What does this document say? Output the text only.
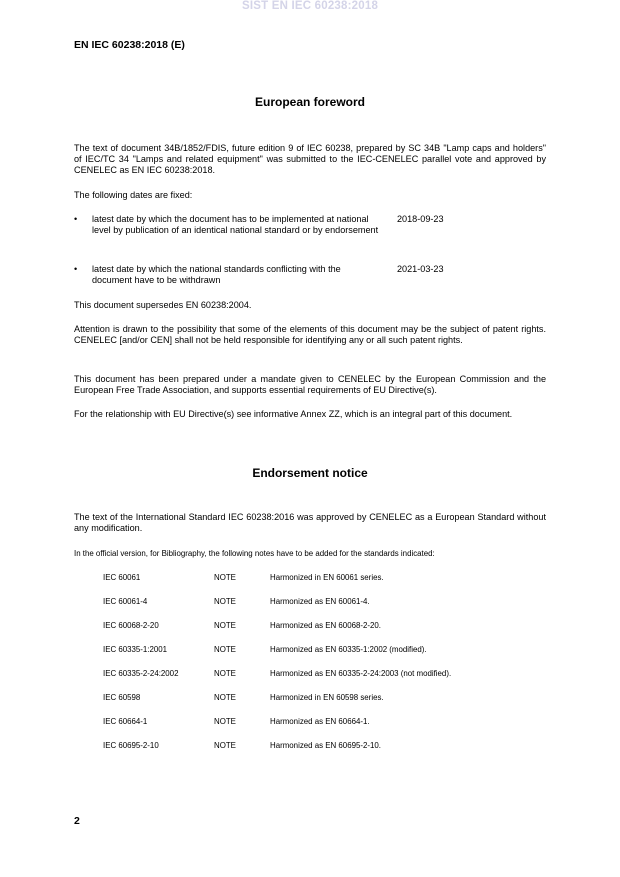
SIST EN IEC 60238:2018
EN IEC 60238:2018 (E)
European foreword
The text of document 34B/1852/FDIS, future edition 9 of IEC 60238, prepared by SC 34B "Lamp caps and holders" of IEC/TC 34 "Lamps and related equipment" was submitted to the IEC-CENELEC parallel vote and approved by CENELEC as EN IEC 60238:2018.
The following dates are fixed:
• latest date by which the document has to be implemented at national level by publication of an identical national standard or by endorsement
2018-09-23
• latest date by which the national standards conflicting with the document have to be withdrawn
2021-03-23
This document supersedes EN 60238:2004.
Attention is drawn to the possibility that some of the elements of this document may be the subject of patent rights. CENELEC [and/or CEN] shall not be held responsible for identifying any or all such patent rights.
This document has been prepared under a mandate given to CENELEC by the European Commission and the European Free Trade Association, and supports essential requirements of EU Directive(s).
For the relationship with EU Directive(s) see informative Annex ZZ, which is an integral part of this document.
Endorsement notice
The text of the International Standard IEC 60238:2016 was approved by CENELEC as a European Standard without any modification.
In the official version, for Bibliography, the following notes have to be added for the standards indicated:
IEC 60061	NOTE	Harmonized in EN 60061 series.
IEC 60061-4	NOTE	Harmonized as EN 60061-4.
IEC 60068-2-20	NOTE	Harmonized as EN 60068-2-20.
IEC 60335-1:2001	NOTE	Harmonized as EN 60335-1:2002 (modified).
IEC 60335-2-24:2002	NOTE	Harmonized as EN 60335-2-24:2003 (not modified).
IEC 60598	NOTE	Harmonized in EN 60598 series.
IEC 60664-1	NOTE	Harmonized as EN 60664-1.
IEC 60695-2-10	NOTE	Harmonized as EN 60695-2-10.
2
